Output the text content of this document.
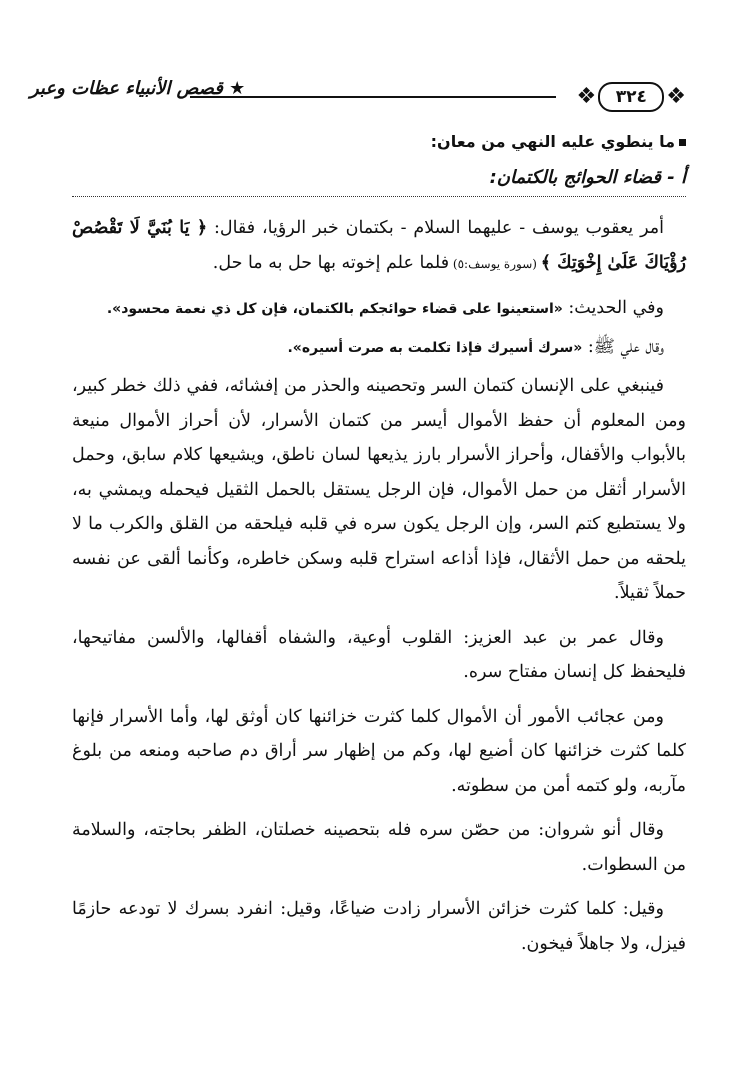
❖
٣٢٤
❖
★ قصص الأنبياء عظات وعبر
ما ينطوي عليه النهي من معان:
أ - قضاء الحوائج بالكتمان:

أمر يعقوب يوسف - عليهما السلام - بكتمان خبر الرؤيا، فقال: ﴿ يَا بُنَيَّ لَا تَقْصُصْ رُؤْيَاكَ عَلَىٰ إِخْوَتِكَ ﴾ (سورة يوسف:٥) فلما علم إخوته بها حل به ما حل.

وفي الحديث: «استعينوا على قضاء حوائجكم بالكتمان، فإن كل ذي نعمة محسود».

وقال علي ﷺ: «سرك أسيرك فإذا تكلمت به صرت أسيره».

فينبغي على الإنسان كتمان السر وتحصينه والحذر من إفشائه، ففي ذلك خطر كبير، ومن المعلوم أن حفظ الأموال أيسر من كتمان الأسرار، لأن أحراز الأموال منيعة بالأبواب والأقفال، وأحراز الأسرار بارز يذيعها لسان ناطق، ويشيعها كلام سابق، وحمل الأسرار أثقل من حمل الأموال، فإن الرجل يستقل بالحمل الثقيل فيحمله ويمشي به، ولا يستطيع كتم السر، وإن الرجل يكون سره في قلبه فيلحقه من القلق والكرب ما لا يلحقه من حمل الأثقال، فإذا أذاعه استراح قلبه وسكن خاطره، وكأنما ألقى عن نفسه حملاً ثقيلاً.

وقال عمر بن عبد العزيز: القلوب أوعية، والشفاه أقفالها، والألسن مفاتيحها، فليحفظ كل إنسان مفتاح سره.

ومن عجائب الأمور أن الأموال كلما كثرت خزائنها كان أوثق لها، وأما الأسرار فإنها كلما كثرت خزائنها كان أضيع لها، وكم من إظهار سر أراق دم صاحبه ومنعه من بلوغ مآربه، ولو كتمه أمن من سطوته.

وقال أنو شروان: من حصّن سره فله بتحصينه خصلتان، الظفر بحاجته، والسلامة من السطوات.

وقيل: كلما كثرت خزائن الأسرار زادت ضياعًا، وقيل: انفرد بسرك لا تودعه حازمًا فيزل، ولا جاهلاً فيخون.
